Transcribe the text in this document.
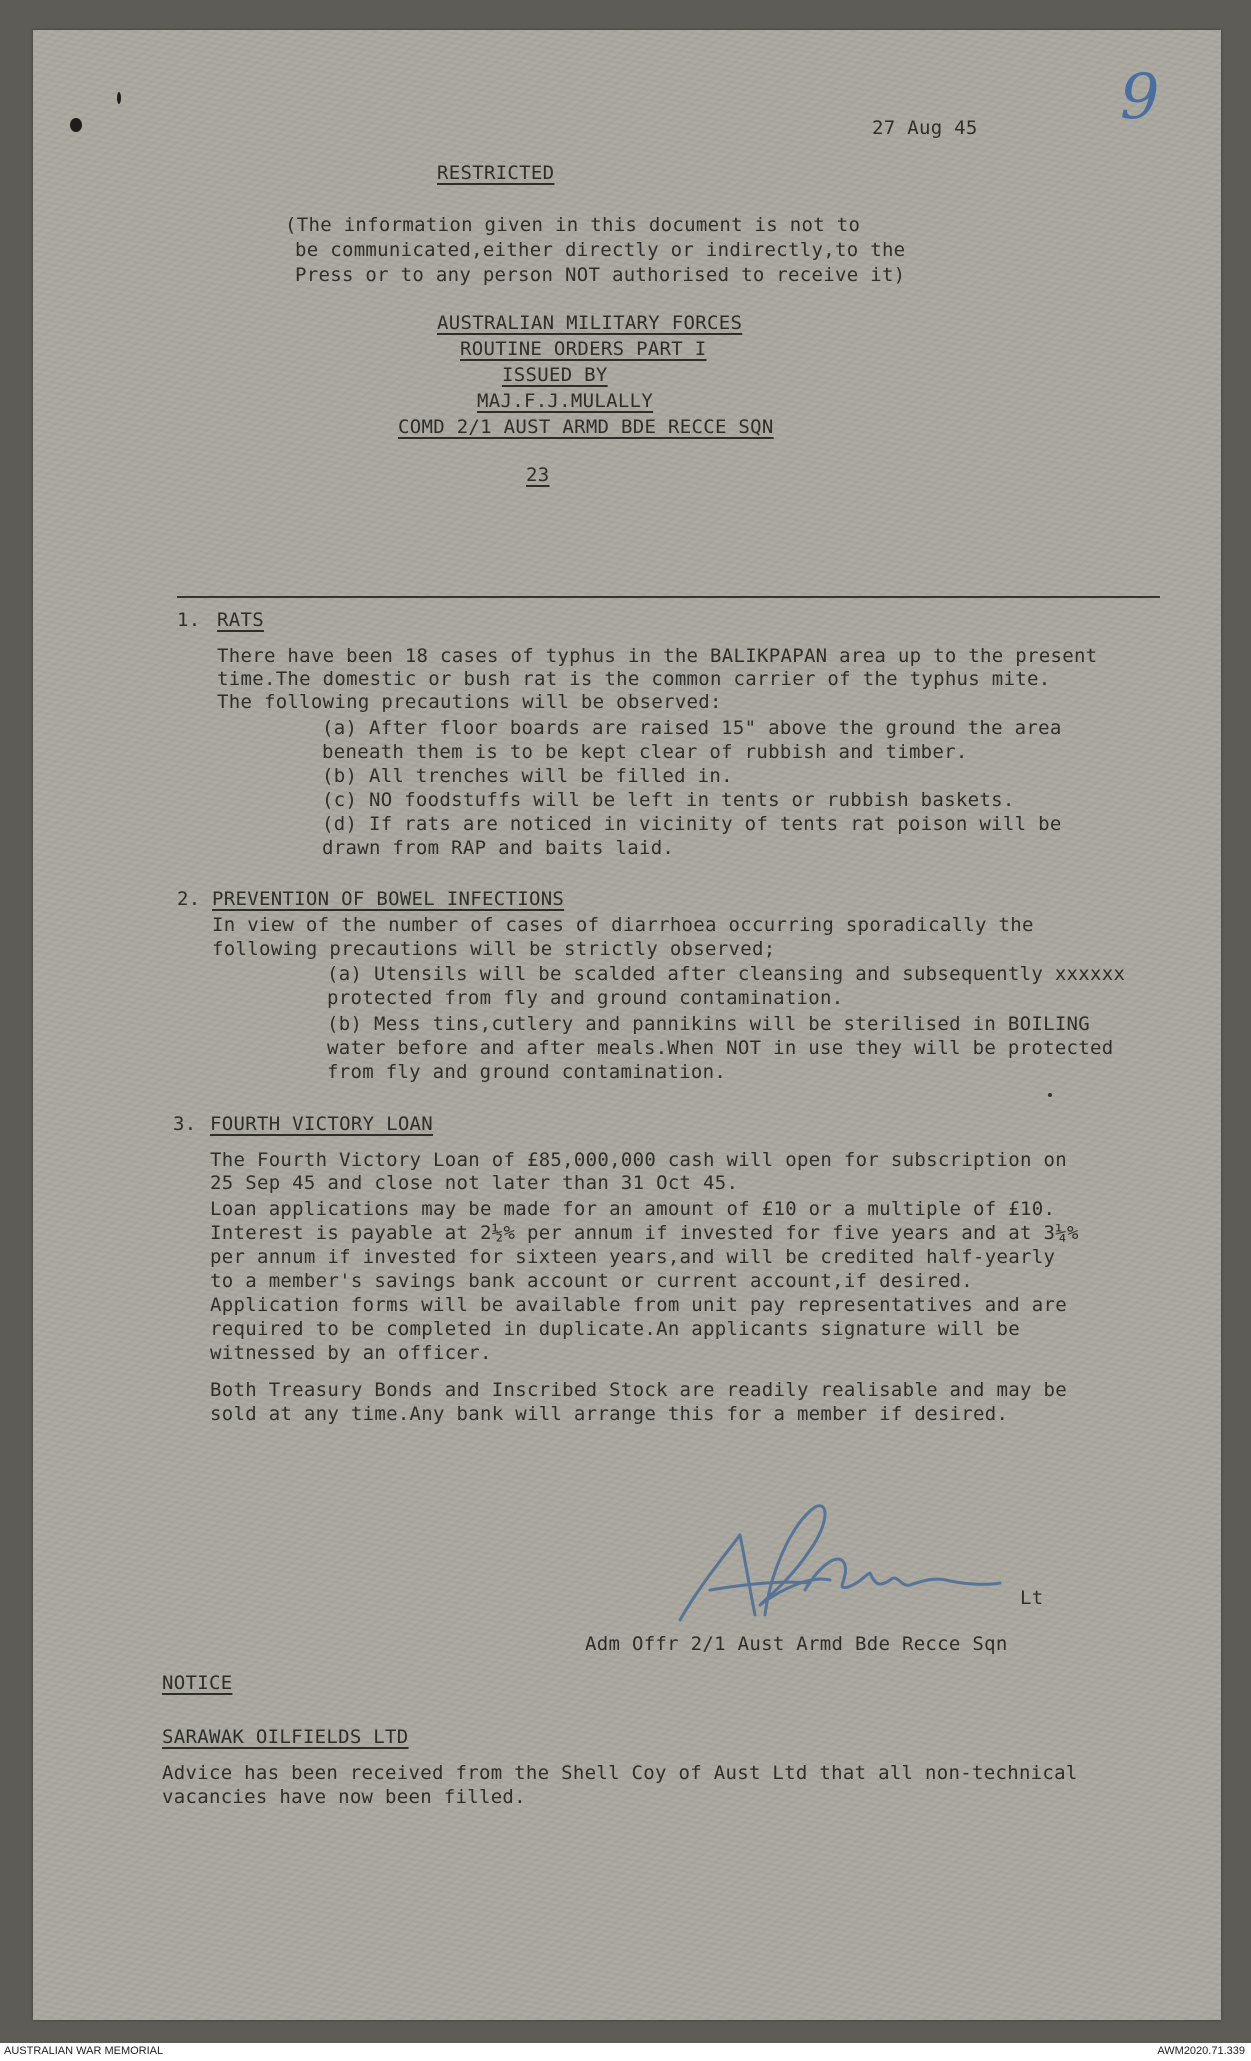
9
27 Aug 45
RESTRICTED
(The information given in this document is not to
be communicated,either directly or indirectly,to the
Press or to any person NOT authorised to receive it)
AUSTRALIAN MILITARY FORCES
ROUTINE ORDERS PART I
ISSUED BY
MAJ.F.J.MULALLY
COMD 2/1 AUST ARMD BDE RECCE SQN
23
1. RATS
There have been 18 cases of typhus in the BALIKPAPAN area up to the present
time.The domestic or bush rat is the common carrier of the typhus mite.
The following precautions will be observed:
(a) After floor boards are raised 15" above the ground the area
beneath them is to be kept clear of rubbish and timber.
(b) All trenches will be filled in.
(c) NO foodstuffs will be left in tents or rubbish baskets.
(d) If rats are noticed in vicinity of tents rat poison will be
drawn from RAP and baits laid.
2. PREVENTION OF BOWEL INFECTIONS
In view of the number of cases of diarrhoea occurring sporadically the
following precautions will be strictly observed;
(a) Utensils will be scalded after cleansing and subsequently xxxxxx
protected from fly and ground contamination.
(b) Mess tins,cutlery and pannikins will be sterilised in BOILING
water before and after meals.When NOT in use they will be protected
from fly and ground contamination.
3. FOURTH VICTORY LOAN
The Fourth Victory Loan of £85,000,000 cash will open for subscription on
25 Sep 45 and close not later than 31 Oct 45.
Loan applications may be made for an amount of £10 or a multiple of £10.
Interest is payable at 2½% per annum if invested for five years and at 3¼%
per annum if invested for sixteen years,and will be credited half-yearly
to a member's savings bank account or current account,if desired.
Application forms will be available from unit pay representatives and are
required to be completed in duplicate.An applicants signature will be
witnessed by an officer.
Both Treasury Bonds and Inscribed Stock are readily realisable and may be
sold at any time.Any bank will arrange this for a member if desired.
Lt
Adm Offr 2/1 Aust Armd Bde Recce Sqn
NOTICE
SARAWAK OILFIELDS LTD
Advice has been received from the Shell Coy of Aust Ltd that all non-technical
vacancies have now been filled.
AUSTRALIAN WAR MEMORIAL	AWM2020.71.339
